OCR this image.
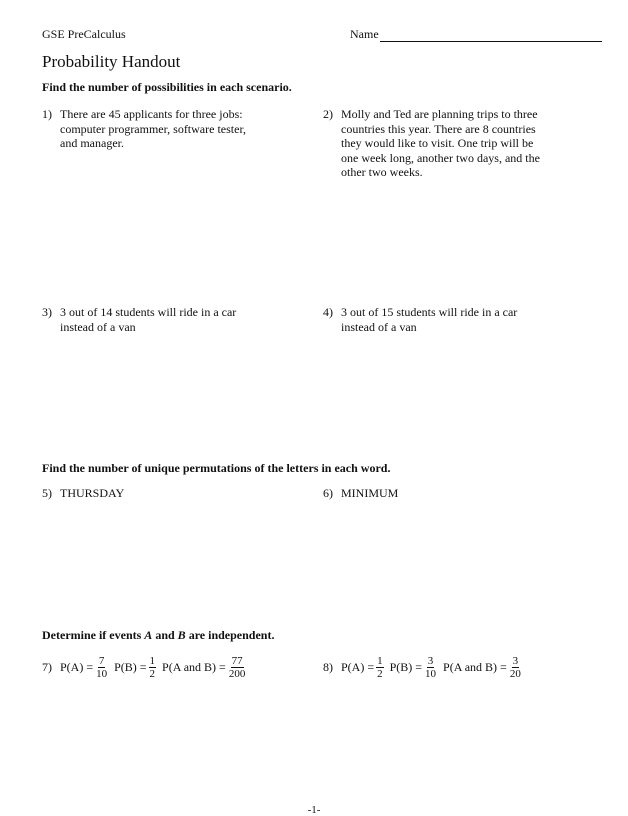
GSE PreCalculus	Name
Probability Handout
Find the number of possibilities in each scenario.
1) There are 45 applicants for three jobs:
computer programmer, software tester,
and manager.
2) Molly and Ted are planning trips to three
countries this year. There are 8 countries
they would like to visit. One trip will be
one week long, another two days, and the
other two weeks.
3) 3 out of 14 students will ride in a car
instead of a van
4) 3 out of 15 students will ride in a car
instead of a van
Find the number of unique permutations of the letters in each word.
5) THURSDAY	6) MINIMUM
Determine if events A and B are independent.
7) $P(A) = \frac{7}{10} P(B) = \frac{1}{2} P(A$ and $B) = \frac{77}{200}$	8) $P(A) = \frac{1}{2} P(B) = \frac{3}{10} P(A$ and $B) = \frac{3}{20}$
-1-
